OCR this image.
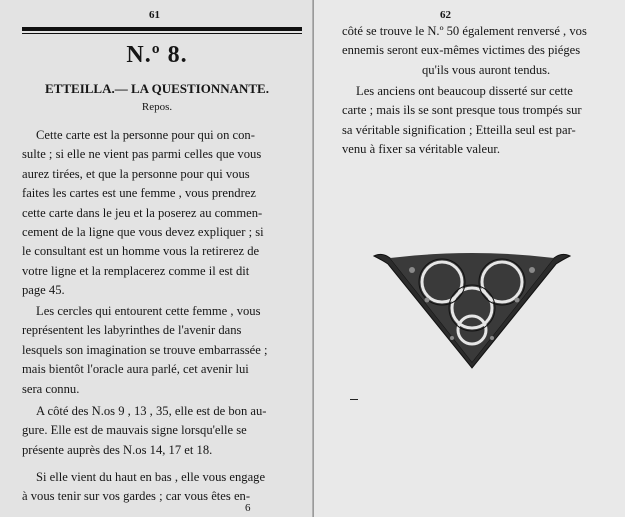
61
N.º 8.
ETTEILLA.— LA QUESTIONNANTE.
Repos.
Cette carte est la personne pour qui on con-
sulte ; si elle ne vient pas parmi celles que vous
aurez tirées, et que la personne pour qui vous
faites les cartes est une femme , vous prendrez
cette carte dans le jeu et la poserez au commen-
cement de la ligne que vous devez expliquer ; si
le consultant est un homme vous la retirerez de
votre ligne et la remplacerez comme il est dit
page 45.
Les cercles qui entourent cette femme , vous
représentent les labyrinthes de l'avenir dans
lesquels son imagination se trouve embarrassée ;
mais bientôt l'oracle aura parlé, cet avenir lui
sera connu.
A côté des N.os 9 , 13 , 35, elle est de bon au-
gure. Elle est de mauvais signe lorsqu'elle se
présente auprès des N.os 14, 17 et 18.
Si elle vient du haut en bas , elle vous engage
à vous tenir sur vos gardes ; car vous êtes en-
6
62
côté se trouve le N.º 50 également renversé , vos
ennemis seront eux-mêmes victimes des piéges
qu'ils vous auront tendus.
Les anciens ont beaucoup disserté sur cette
carte ; mais ils se sont presque tous trompés sur
sa véritable signification ; Etteilla seul est par-
venu à fixer sa véritable valeur.
